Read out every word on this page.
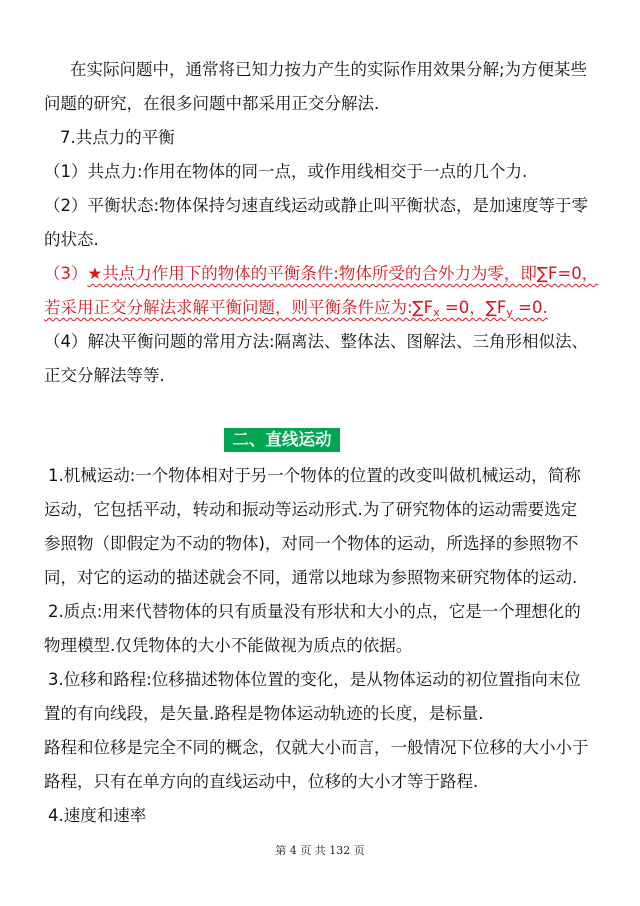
在实际问题中，通常将已知力按力产生的实际作用效果分解;为方便某些
问题的研究，在很多问题中都采用正交分解法.
7.共点力的平衡
（1）共点力:作用在物体的同一点，或作用线相交于一点的几个力.
（2）平衡状态:物体保持匀速直线运动或静止叫平衡状态，是加速度等于零
的状态.
（3）★共点力作用下的物体的平衡条件:物体所受的合外力为零，即∑F=0，
若采用正交分解法求解平衡问题，则平衡条件应为$:\sum F_x =0$，$\sum F_y =0$.
（4）解决平衡问题的常用方法:隔离法、整体法、图解法、三角形相似法、
正交分解法等等.
二、直线运动
1.机械运动:一个物体相对于另一个物体的位置的改变叫做机械运动，简称
运动，它包括平动，转动和振动等运动形式.为了研究物体的运动需要选定
参照物（即假定为不动的物体)，对同一个物体的运动，所选择的参照物不
同，对它的运动的描述就会不同，通常以地球为参照物来研究物体的运动.
2.质点:用来代替物体的只有质量没有形状和大小的点，它是一个理想化的
物理模型.仅凭物体的大小不能做视为质点的依据。
3.位移和路程:位移描述物体位置的变化，是从物体运动的初位置指向末位
置的有向线段，是矢量.路程是物体运动轨迹的长度，是标量.
路程和位移是完全不同的概念，仅就大小而言，一般情况下位移的大小小于
路程，只有在单方向的直线运动中，位移的大小才等于路程.
4.速度和速率
第 4 页 共 132 页
